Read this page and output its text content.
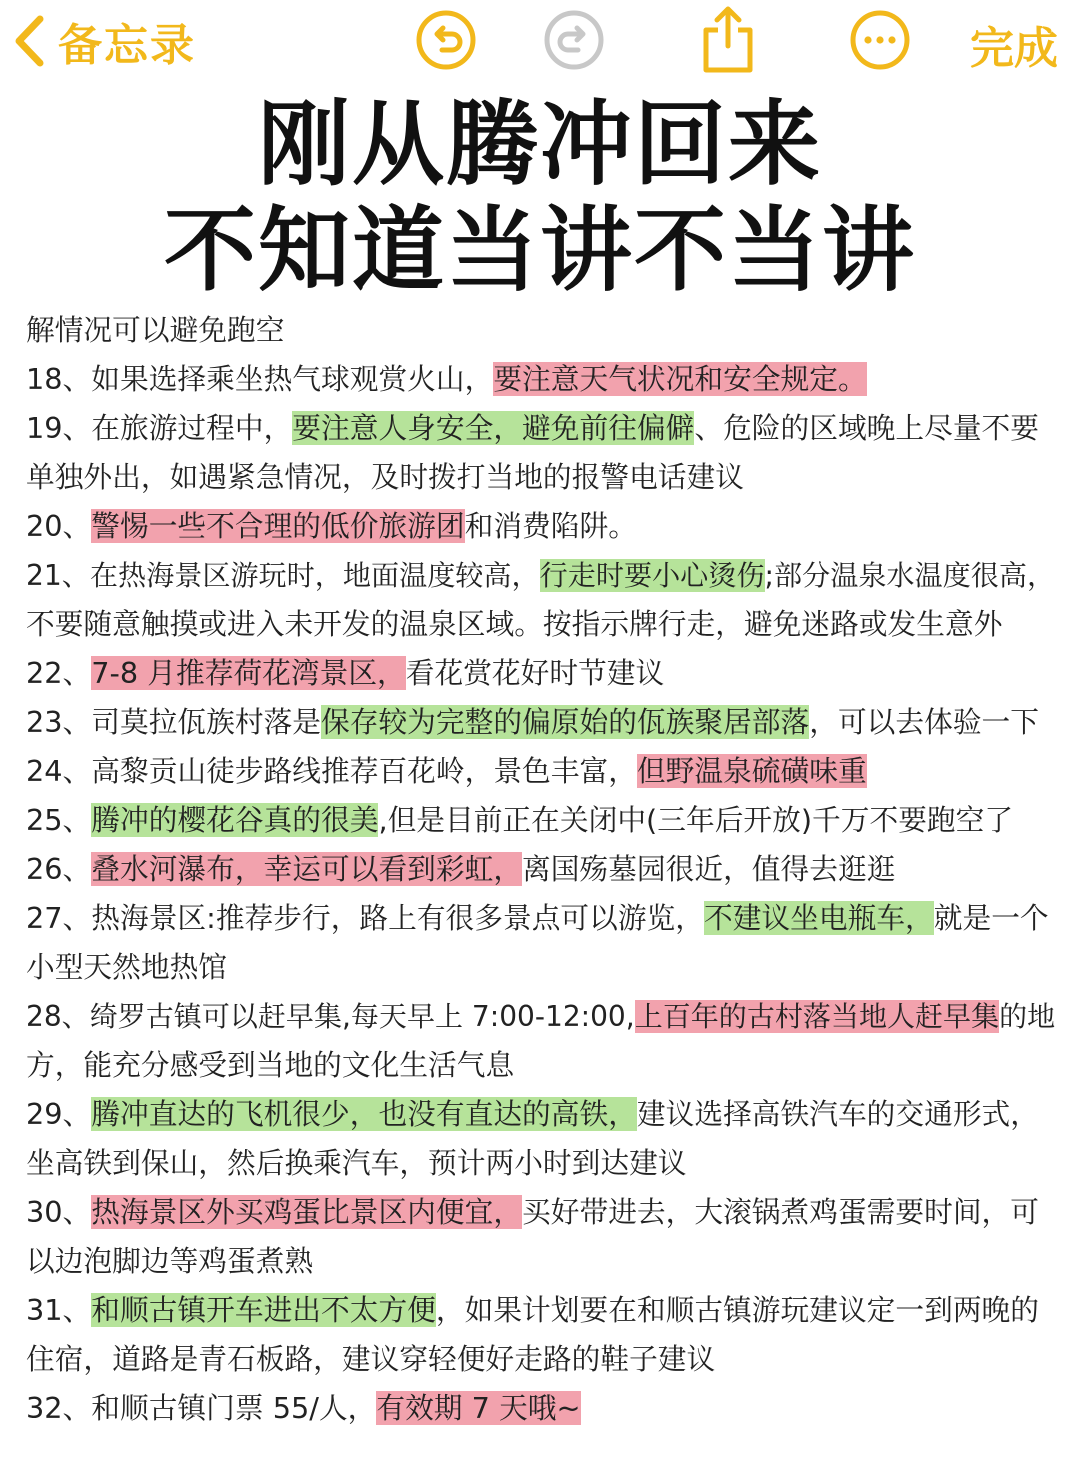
备忘录	完成
刚从腾冲回来
不知道当讲不当讲
解情况可以避免跑空
18、如果选择乘坐热气球观赏火山，要注意天气状况和安全规定。
19、在旅游过程中，要注意人身安全，避免前往偏僻、危险的区域晚上尽量不要
单独外出，如遇紧急情况，及时拨打当地的报警电话建议
20、警惕一些不合理的低价旅游团和消费陷阱。
21、在热海景区游玩时，地面温度较高，行走时要小心烫伤;部分温泉水温度很高，
不要随意触摸或进入未开发的温泉区域。按指示牌行走，避免迷路或发生意外
22、7-8 月推荐荷花湾景区，看花赏花好时节建议
23、司莫拉佤族村落是保存较为完整的偏原始的佤族聚居部落，可以去体验一下
24、高黎贡山徒步路线推荐百花岭，景色丰富，但野温泉硫磺味重
25、腾冲的樱花谷真的很美,但是目前正在关闭中(三年后开放)千万不要跑空了
26、叠水河瀑布，幸运可以看到彩虹，离国殇墓园很近，值得去逛逛
27、热海景区:推荐步行，路上有很多景点可以游览，不建议坐电瓶车，就是一个
小型天然地热馆
28、绮罗古镇可以赶早集,每天早上 7:00-12:00,上百年的古村落当地人赶早集的地
方，能充分感受到当地的文化生活气息
29、腾冲直达的飞机很少，也没有直达的高铁，建议选择高铁汽车的交通形式，
坐高铁到保山，然后换乘汽车，预计两小时到达建议
30、热海景区外买鸡蛋比景区内便宜，买好带进去，大滚锅煮鸡蛋需要时间，可
以边泡脚边等鸡蛋煮熟
31、和顺古镇开车进出不太方便，如果计划要在和顺古镇游玩建议定一到两晚的
住宿，道路是青石板路，建议穿轻便好走路的鞋子建议
32、和顺古镇门票 55/人，有效期 7 天哦~
